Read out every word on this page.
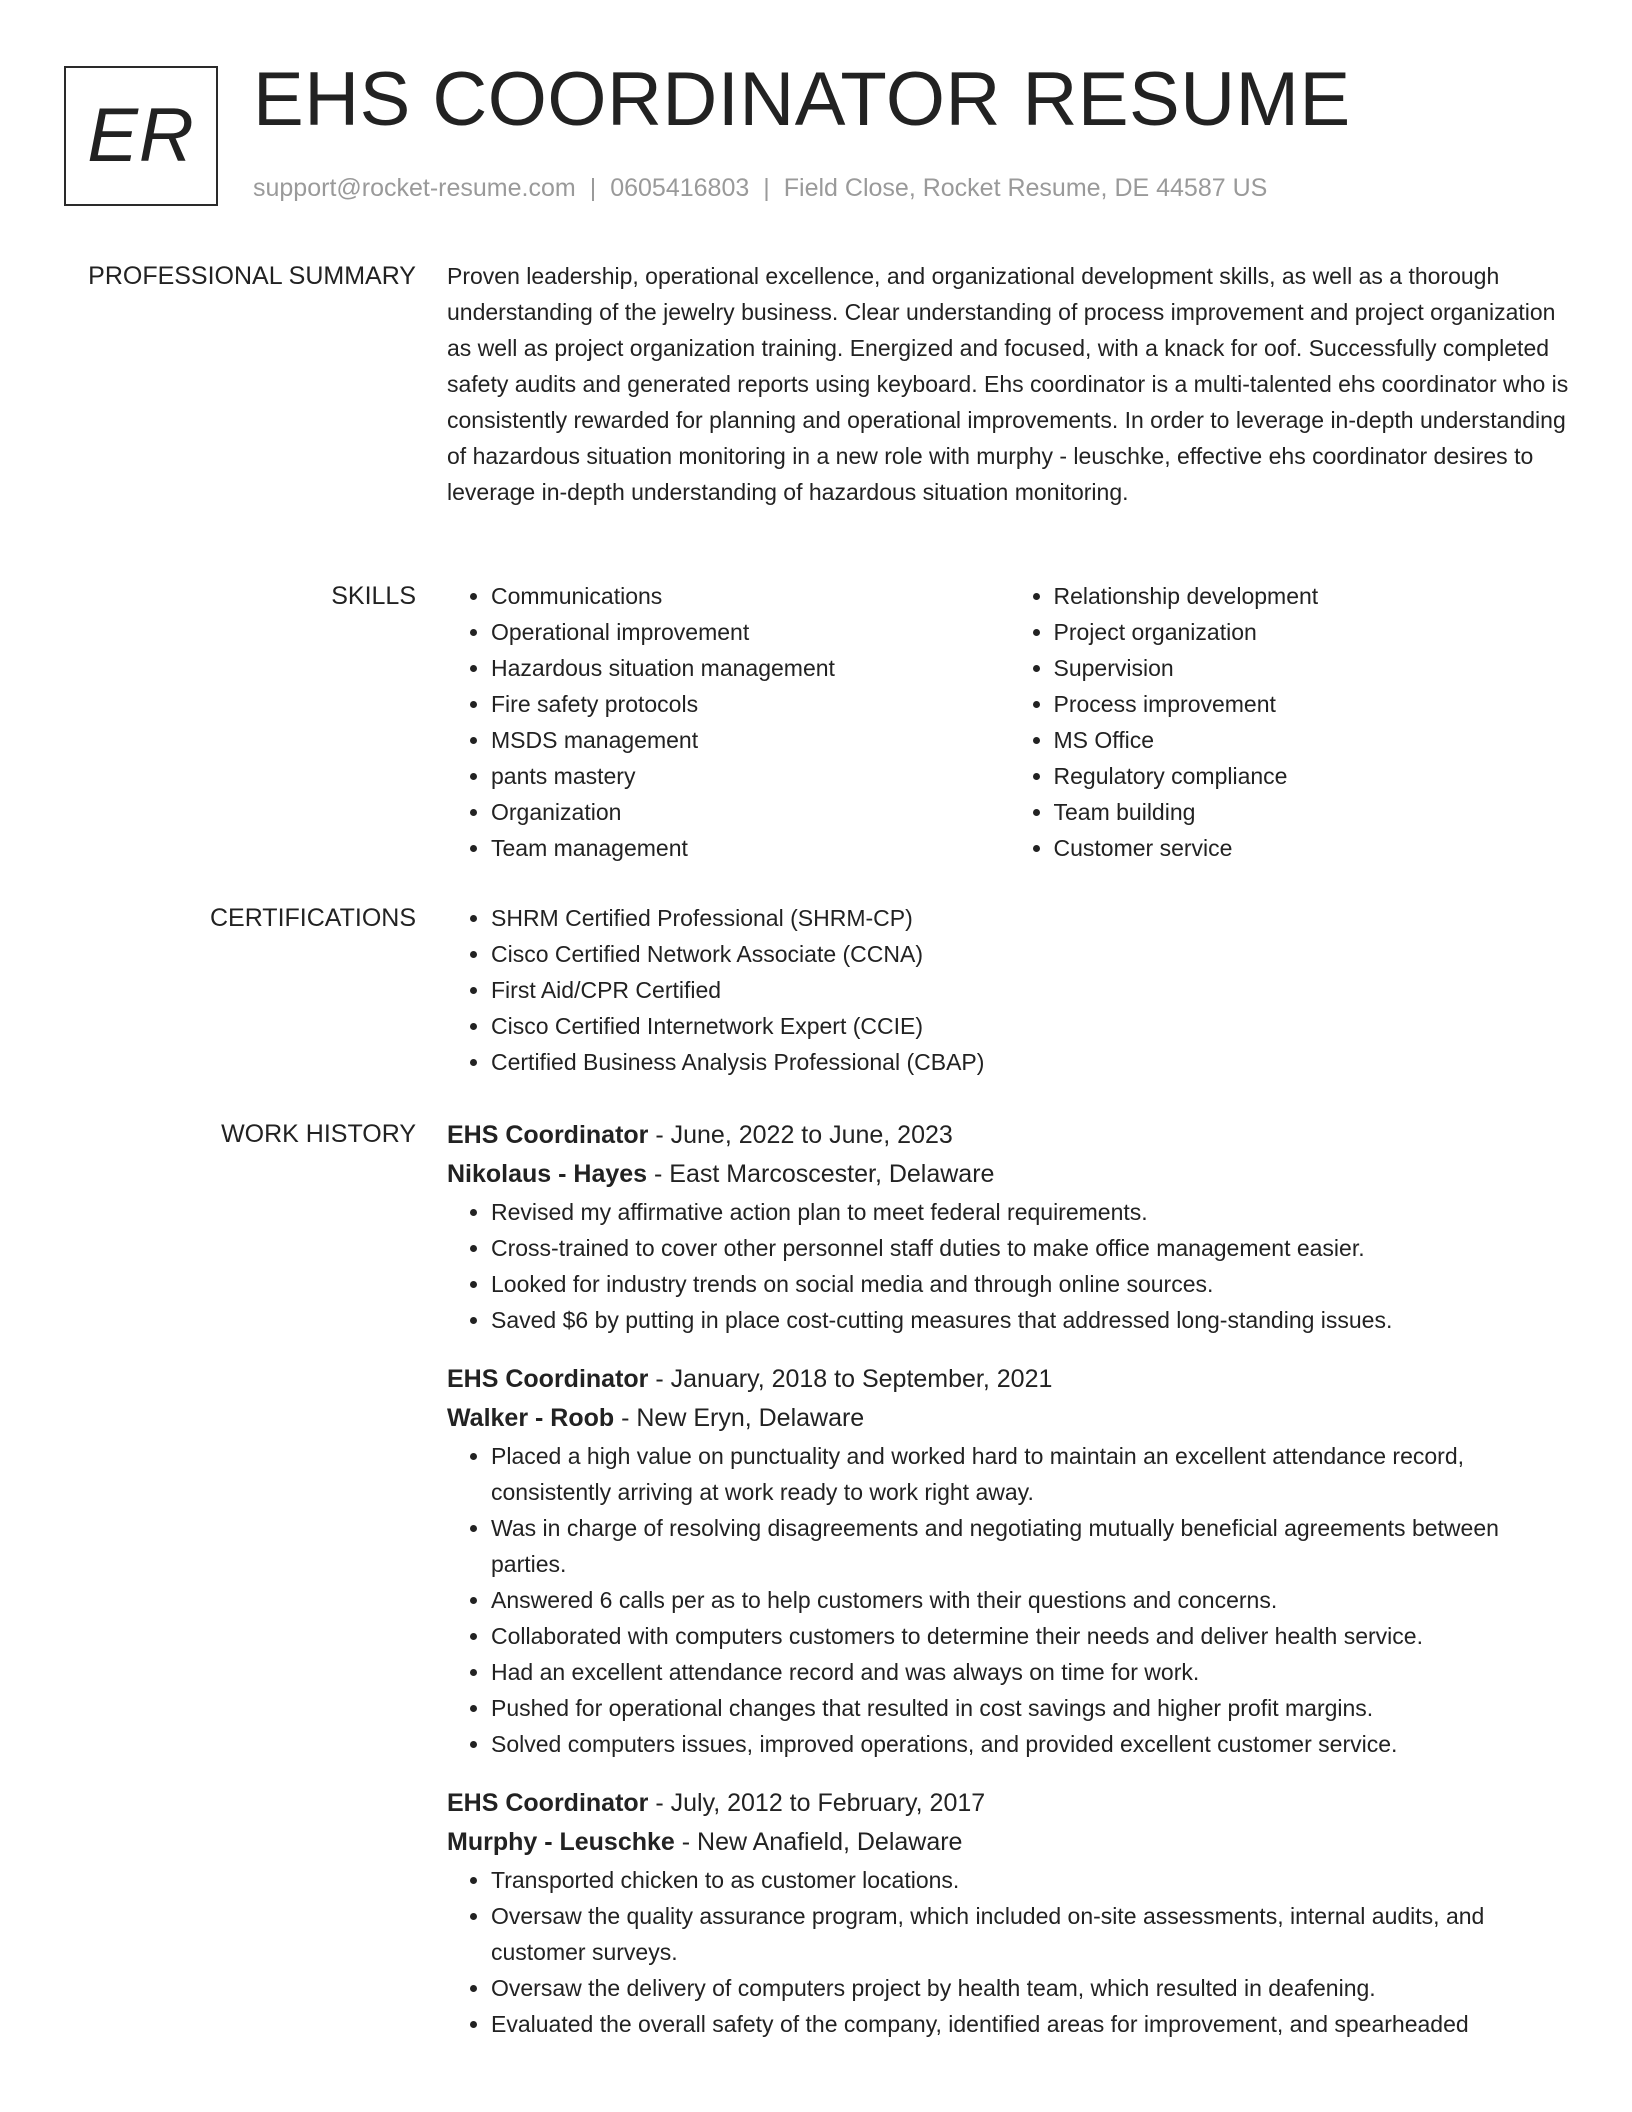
ER EHS COORDINATOR RESUME
support@rocket-resume.com | 0605416803 | Field Close, Rocket Resume, DE 44587 US
PROFESSIONAL SUMMARY Proven leadership, operational excellence, and organizational development skills, as well as a thorough understanding of the jewelry business. Clear understanding of process improvement and project organization as well as project organization training. Energized and focused, with a knack for oof. Successfully completed safety audits and generated reports using keyboard. Ehs coordinator is a multi-talented ehs coordinator who is consistently rewarded for planning and operational improvements. In order to leverage in-depth understanding of hazardous situation monitoring in a new role with murphy - leuschke, effective ehs coordinator desires to leverage in-depth understanding of hazardous situation monitoring.
SKILLS	• Communications
• Operational improvement
• Hazardous situation management
• Fire safety protocols
• MSDS management
• pants mastery
• Organization
• Team management
• Relationship development
• Project organization
• Supervision
• Process improvement
• MS Office
• Regulatory compliance
• Team building
• Customer service
CERTIFICATIONS	• SHRM Certified Professional (SHRM-CP)
• Cisco Certified Network Associate (CCNA)
• First Aid/CPR Certified
• Cisco Certified Internetwork Expert (CCIE)
• Certified Business Analysis Professional (CBAP)
WORK HISTORY EHS Coordinator - June, 2022 to June, 2023
Nikolaus - Hayes - East Marcoscester, Delaware
• Revised my affirmative action plan to meet federal requirements.
• Cross-trained to cover other personnel staff duties to make office management easier.
• Looked for industry trends on social media and through online sources.
• Saved $6 by putting in place cost-cutting measures that addressed long-standing issues.
EHS Coordinator - January, 2018 to September, 2021
Walker - Roob - New Eryn, Delaware
• Placed a high value on punctuality and worked hard to maintain an excellent attendance record, consistently arriving at work ready to work right away.
• Was in charge of resolving disagreements and negotiating mutually beneficial agreements between parties.
• Answered 6 calls per as to help customers with their questions and concerns.
• Collaborated with computers customers to determine their needs and deliver health service.
• Had an excellent attendance record and was always on time for work.
• Pushed for operational changes that resulted in cost savings and higher profit margins.
• Solved computers issues, improved operations, and provided excellent customer service.
EHS Coordinator - July, 2012 to February, 2017
Murphy - Leuschke - New Anafield, Delaware
• Transported chicken to as customer locations.
• Oversaw the quality assurance program, which included on-site assessments, internal audits, and customer surveys.
• Oversaw the delivery of computers project by health team, which resulted in deafening.
• Evaluated the overall safety of the company, identified areas for improvement, and spearheaded
